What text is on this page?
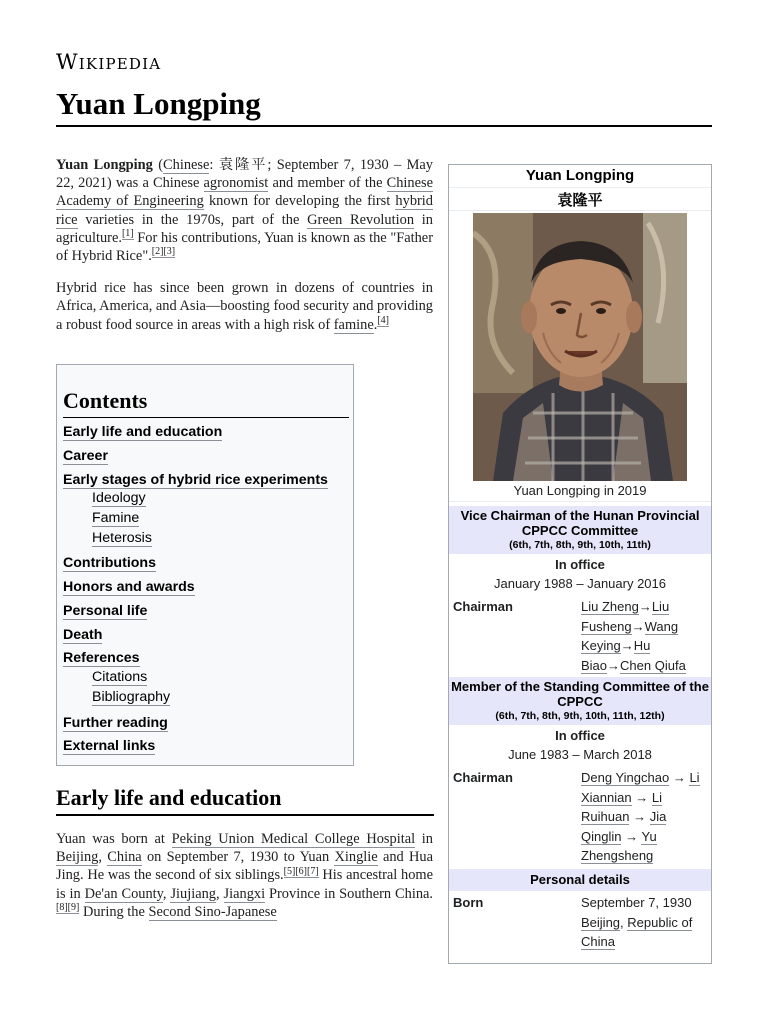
Wikipedia
Yuan Longping

Yuan Longping (Chinese: 袁隆平; September 7, 1930 – May 22, 2021) was a Chinese agronomist and member of the Chinese Academy of Engineering known for developing the first hybrid rice varieties in the 1970s, part of the Green Revolution in agriculture.[1] For his contributions, Yuan is known as the "Father of Hybrid Rice".[2][3]

Hybrid rice has since been grown in dozens of countries in Africa, America, and Asia—boosting food security and providing a robust food source in areas with a high risk of famine.[4]

Contents
Early life and education
Career
Early stages of hybrid rice experiments
Ideology
Famine
Heterosis
Contributions
Honors and awards
Personal life
Death
References
Citations
Bibliography
Further reading
External links
Early life and education
Yuan was born at Peking Union Medical College Hospital in Beijing, China on September 7, 1930 to Yuan Xinglie and Hua Jing. He was the second of six siblings.[5][6][7] His ancestral home is in De'an County, Jiujiang, Jiangxi Province in Southern China.[8][9] During the Second Sino-Japanese
Yuan Longping
袁隆平
Yuan Longping in 2019
Vice Chairman of the Hunan Provincial CPPCC Committee
(6th, 7th, 8th, 9th, 10th, 11th)
In office
January 1988 – January 2016
Chairman	Liu Zheng→Liu Fusheng→Wang Keying→Hu Biao→Chen Qiufa
Member of the Standing Committee of the CPPCC
(6th, 7th, 8th, 9th, 10th, 11th, 12th)
In office
June 1983 – March 2018
Chairman	Deng Yingchao → Li Xiannian → Li Ruihuan → Jia Qinglin → Yu Zhengsheng
Personal details
Born	September 7, 1930
Beijing, Republic of China
